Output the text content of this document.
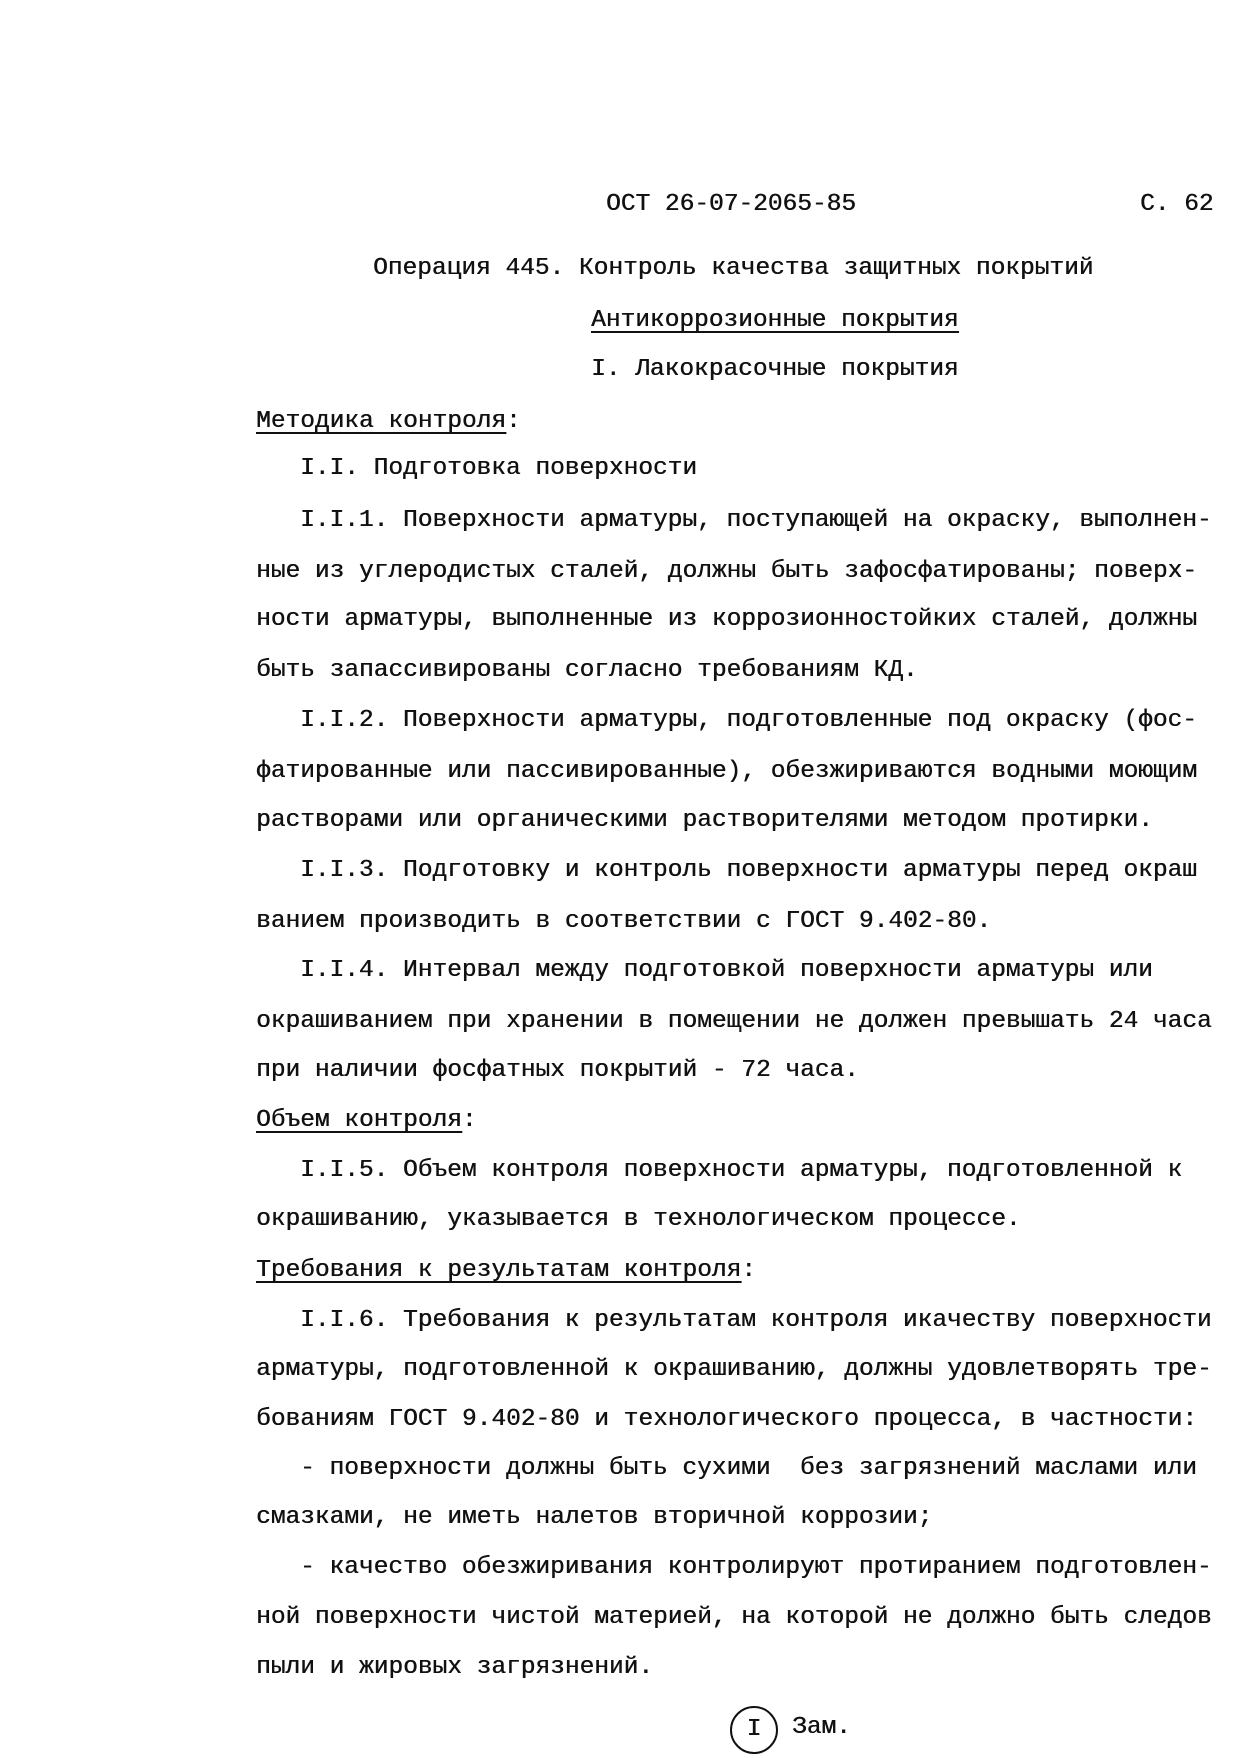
ОСТ 26-07-2065-85	С. 62
Операция 445. Контроль качества защитных покрытий
Антикоррозионные покрытия
I. Лакокрасочные покрытия
Методика контроля:
I.I. Подготовка поверхности
I.I.1. Поверхности арматуры, поступающей на окраску, выполнен-
ные из углеродистых сталей, должны быть зафосфатированы; поверх-
ности арматуры, выполненные из коррозионностойких сталей, должны
быть запассивированы согласно требованиям КД.
I.I.2. Поверхности арматуры, подготовленные под окраску (фос-
фатированные или пассивированные), обезжириваются водными моющим
растворами или органическими растворителями методом протирки.
I.I.3. Подготовку и контроль поверхности арматуры перед окраш
ванием производить в соответствии с ГОСТ 9.402-80.
I.I.4. Интервал между подготовкой поверхности арматуры или
окрашиванием при хранении в помещении не должен превышать 24 часа
при наличии фосфатных покрытий - 72 часа.
Объем контроля:
I.I.5. Объем контроля поверхности арматуры, подготовленной к
окрашиванию, указывается в технологическом процессе.
Требования к результатам контроля:
I.I.6. Требования к результатам контроля икачеству поверхности
арматуры, подготовленной к окрашиванию, должны удовлетворять тре-
бованиям ГОСТ 9.402-80 и технологического процесса, в частности:
- поверхности должны быть сухими  без загрязнений маслами или
смазками, не иметь налетов вторичной коррозии;
- качество обезжиривания контролируют протиранием подготовлен-
ной поверхности чистой материей, на которой не должно быть следов
пыли и жировых загрязнений.
I	Зам.
